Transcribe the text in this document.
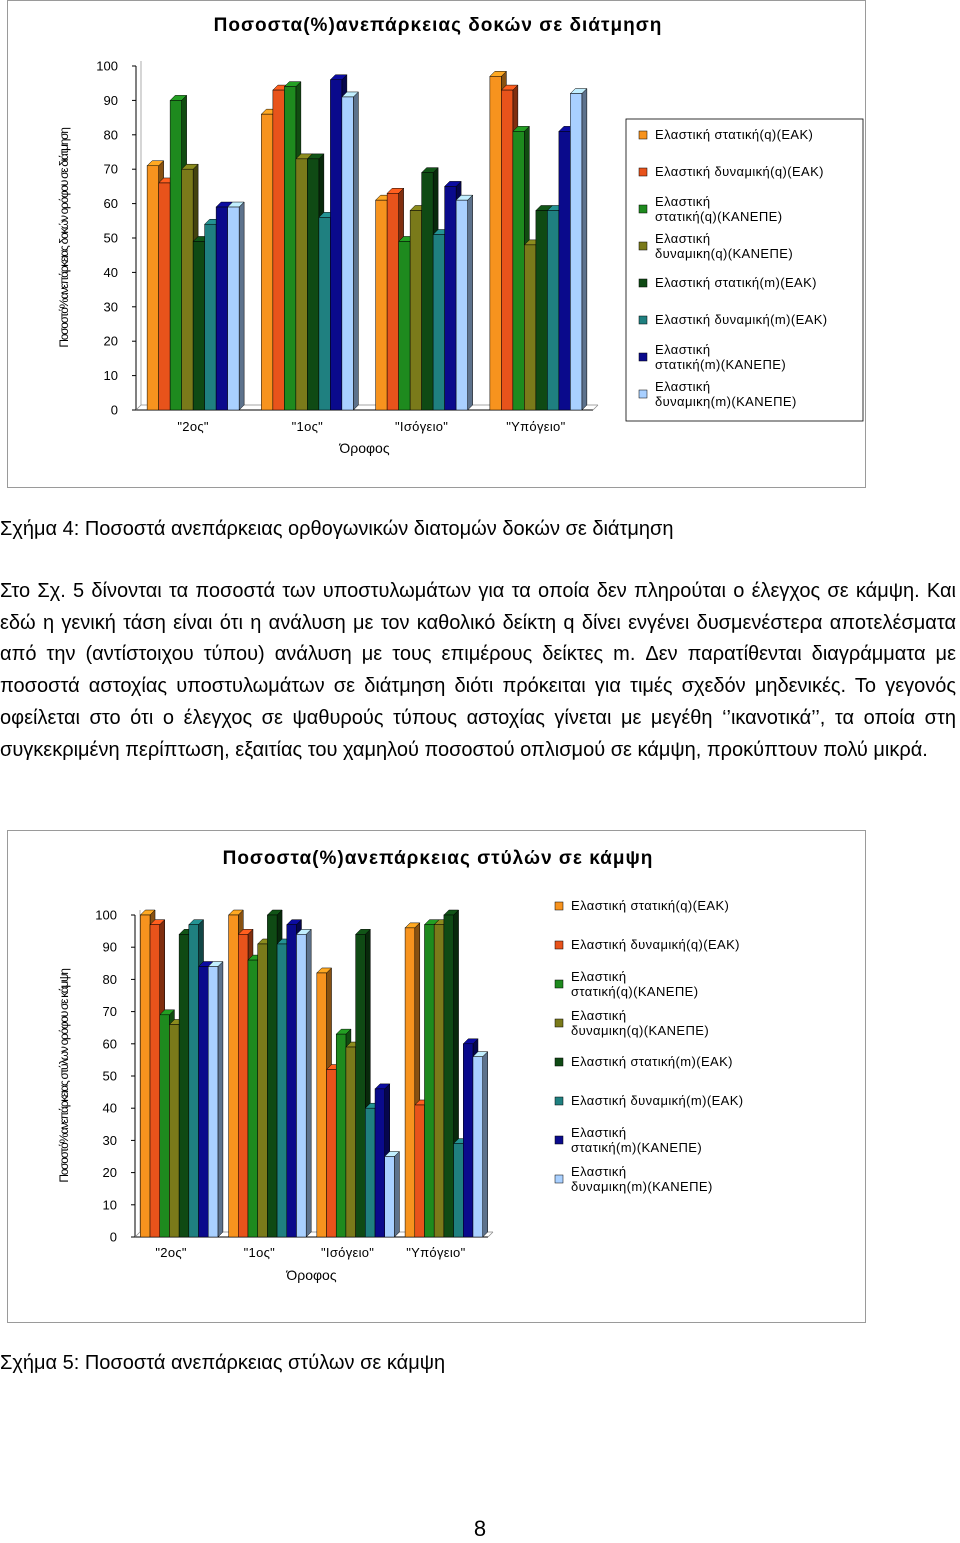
Ποσοστα(%)ανεπάρκειας δοκών σε διάτμηση
Ποσοστό%ανεπάρκειας δοκών ορόφου σε διάτμηση
0
10
20
30
40
50
60
70
80
90
100
"2ος"	"1ος"	"Ισόγειο"	"Υπόγειο"
Όροφος
Ελαστική στατική(q)(ΕΑΚ)
Ελαστική δυναμική(q)(ΕΑΚ)
Ελαστική
στατική(q)(ΚΑΝΕΠΕ)
Ελαστική
δυναμικη(q)(ΚΑΝΕΠΕ)
Ελαστική στατική(m)(ΕΑΚ)
Ελαστική δυναμική(m)(ΕΑΚ)
Ελαστική
στατική(m)(ΚΑΝΕΠΕ)
Ελαστική
δυναμικη(m)(ΚΑΝΕΠΕ)
Σχήμα 4: Ποσοστά ανεπάρκειας ορθογωνικών διατομών δοκών σε διάτμηση

Στο Σχ. 5 δίνονται τα ποσοστά των υποστυλωμάτων για τα οποία δεν πληρούται ο έλεγχος σε κάμψη. Και εδώ η γενική τάση είναι ότι η ανάλυση με τον καθολικό δείκτη q δίνει ενγένει δυσμενέστερα αποτελέσματα από την (αντίστοιχου τύπου) ανάλυση με τους επιμέρους δείκτες m. Δεν παρατίθενται διαγράμματα με ποσοστά αστοχίας υποστυλωμάτων σε διάτμηση διότι πρόκειται για τιμές σχεδόν μηδενικές. Το γεγονός οφείλεται στο ότι ο έλεγχος σε ψαθυρούς τύπους αστοχίας γίνεται με μεγέθη ‘’ικανοτικά’’, τα οποία στη συγκεκριμένη περίπτωση, εξαιτίας του χαμηλού ποσοστού οπλισμού σε κάμψη, προκύπτουν πολύ μικρά.

Ποσοστα(%)ανεπάρκειας στύλών σε κάμψη
Ποσοστό%ανεπάρκειας στύλων ορόφου σε κάμψη
0
10
20
30
40
50
60
70
80
90
100
"2ος"	"1ος"	"Ισόγειο" "Υπόγειο"
Όροφος
Ελαστική στατική(q)(ΕΑΚ)
Ελαστική δυναμική(q)(ΕΑΚ)
Ελαστική
στατική(q)(ΚΑΝΕΠΕ)
Ελαστική
δυναμικη(q)(ΚΑΝΕΠΕ)
Ελαστική στατική(m)(ΕΑΚ)
Ελαστική δυναμική(m)(ΕΑΚ)
Ελαστική
στατική(m)(ΚΑΝΕΠΕ)
Ελαστική
δυναμικη(m)(ΚΑΝΕΠΕ)
Σχήμα 5: Ποσοστά ανεπάρκειας στύλων σε κάμψη
8
